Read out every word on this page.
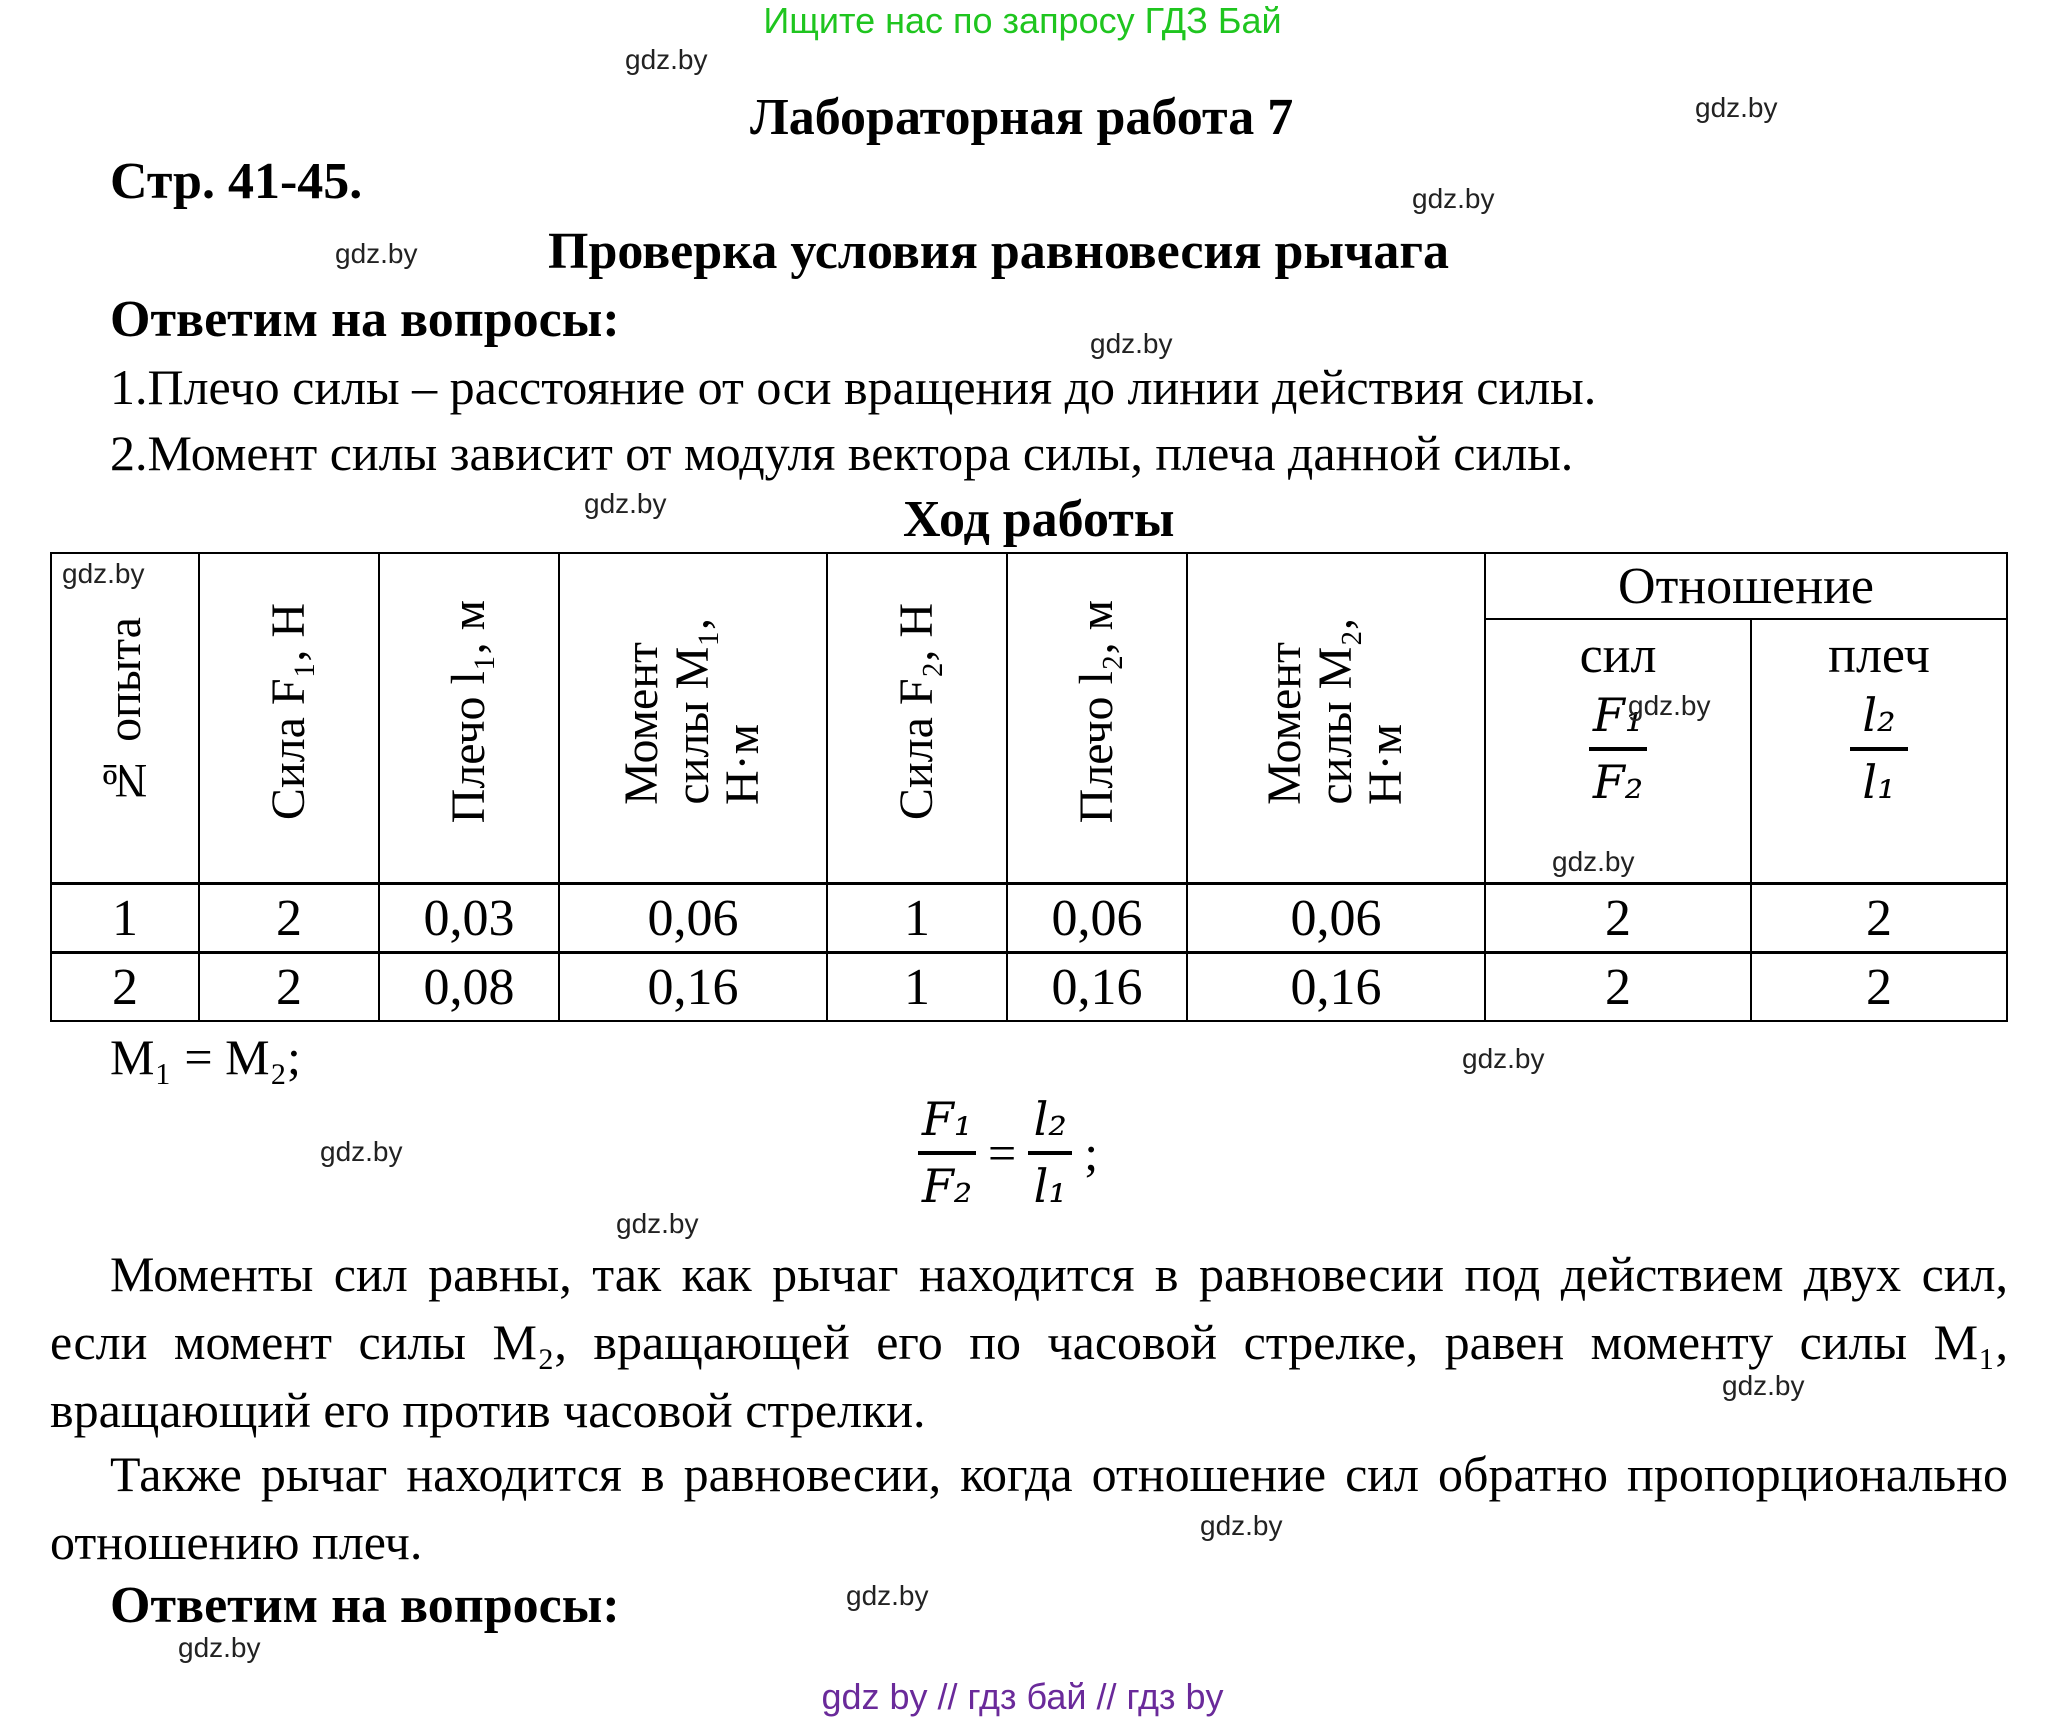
Ищите нас по запросу ГДЗ Бай
gdz.by
gdz.by
gdz.by
gdz.by
gdz.by
gdz.by
Лабораторная работа 7
Стр. 41-45.
Проверка условия равновесия рычага
Ответим на вопросы:
1.Плечо силы – расстояние от оси вращения до линии действия силы.
2.Момент силы зависит от модуля вектора силы, плеча данной силы.
Ход работы
gdz.by
№ опыта	Сила F₁, Н	Плечо l₁, м	Моментсилы M₁,Н·м	Сила F₂, Н	Плечо l₂, м	Моментсилы M₂,Н·м	Отношение	

сил
$\frac{\text{F₁}}{\text{F₂}}$
gdz.by
gdz.by

плеч
$\frac{\text{l₂}}{\text{l₁}}$

1	2	0,03	0,06	1	0,06	0,06	2	2
2	2	0,08	0,16	1	0,16	0,16	2	2
M₁ = M₂;	gdz.by
gdz.by
gdz.by
$\frac{\text{F₁}}{\text{F₂}} = \frac{\text{l₂}}{\text{l₁}}$ ;
Моменты сил равны, так как рычаг находится в равновесии под действием двух сил, если момент силы M₂, вращающей его по часовой стрелке, равен моменту силы M₁, вращающий его против часовой стрелки.	gdz.by
Также рычаг находится в равновесии, когда отношение сил обратно пропорционально отношению плеч.	gdz.by
Ответим на вопросы:	gdz.by
gdz.by
gdz by // гдз бай // гдз by
